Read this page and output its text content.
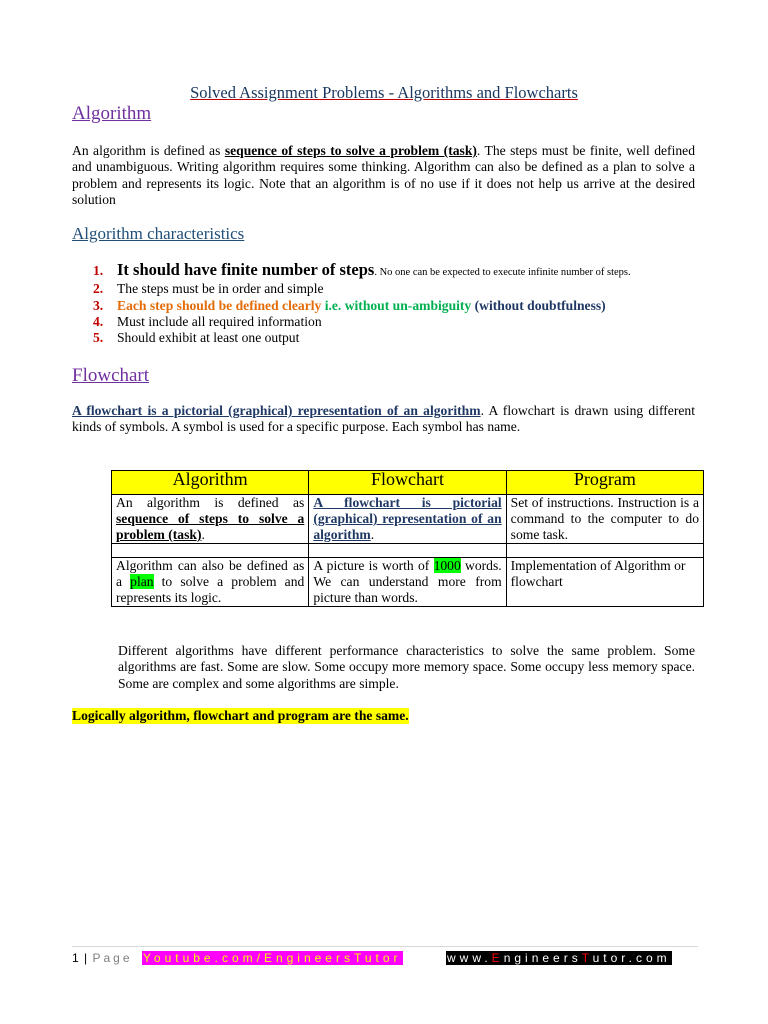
Solved Assignment Problems - Algorithms and Flowcharts
Algorithm
An algorithm is defined as sequence of steps to solve a problem (task). The steps must be finite, well defined and unambiguous. Writing algorithm requires some thinking. Algorithm can also be defined as a plan to solve a problem and represents its logic. Note that an algorithm is of no use if it does not help us arrive at the desired solution
Algorithm characteristics
1. It should have finite number of steps. No one can be expected to execute infinite number of steps.
2.	The steps must be in order and simple
3.	Each step should be defined clearly i.e. without un-ambiguity (without doubtfulness)
4.	Must include all required information
5.	Should exhibit at least one output
Flowchart
A flowchart is a pictorial (graphical) representation of an algorithm. A flowchart is drawn using different kinds of symbols. A symbol is used for a specific purpose. Each symbol has name.
Algorithm	Flowchart	Program
An algorithm is defined as sequence of steps to solve a problem (task).	A flowchart is pictorial (graphical) representation of an algorithm.	Set of instructions. Instruction is a command to the computer to do some task.

Algorithm can also be defined as a plan to solve a problem and represents its logic.	A picture is worth of 1000 words. We can understand more from picture than words.	Implementation of Algorithm or flowchart
Different algorithms have different performance characteristics to solve the same problem. Some algorithms are fast. Some are slow. Some occupy more memory space. Some occupy less memory space. Some are complex and some algorithms are simple.
Logically algorithm, flowchart and program are the same.
1 | Page Youtube.com/EngineersTutor	www.EngineersTutor.com
